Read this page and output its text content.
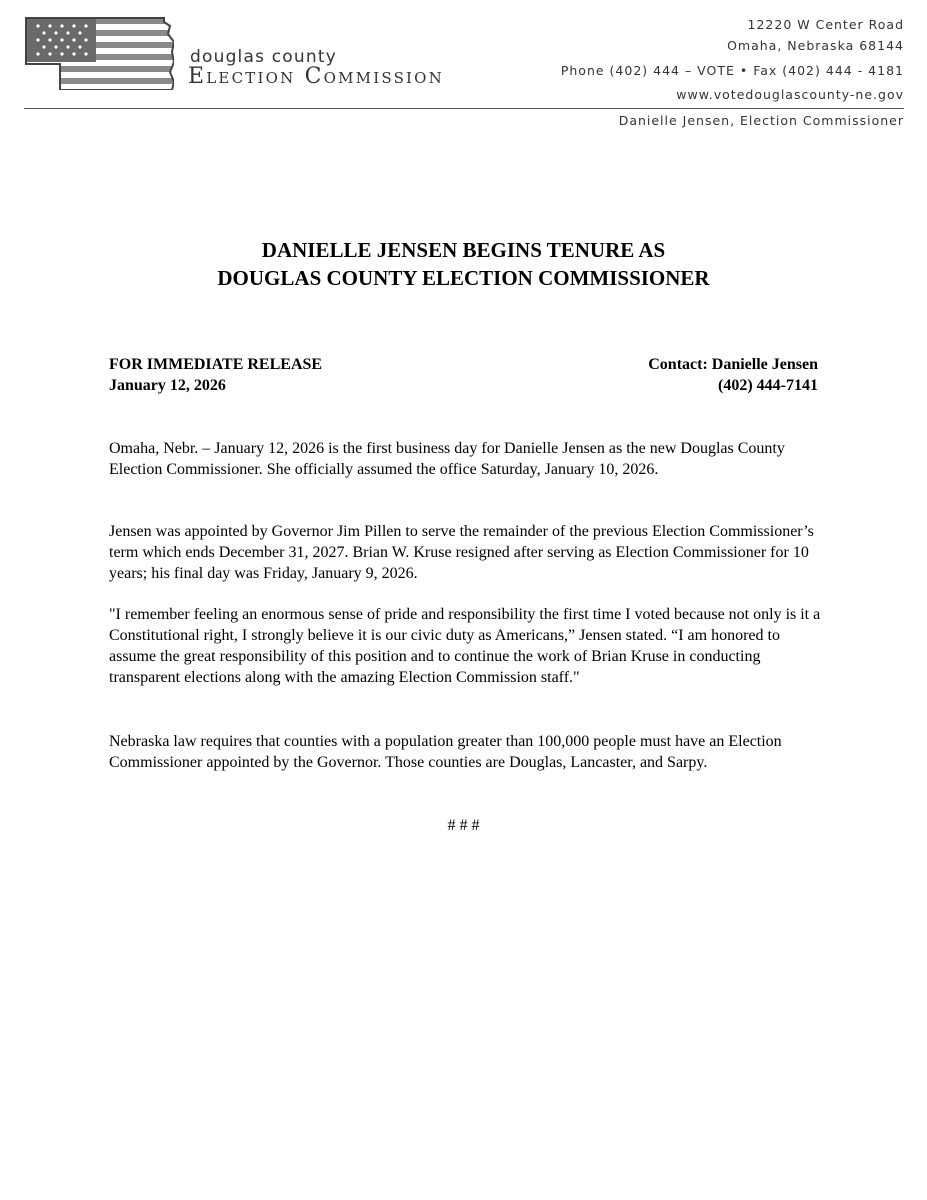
douglas county
Election Commission
12220 W Center Road
Omaha, Nebraska 68144
Phone (402) 444 – VOTE • Fax (402) 444 - 4181
www.votedouglascounty-ne.gov
Danielle Jensen, Election Commissioner
DANIELLE JENSEN BEGINS TENURE AS
DOUGLAS COUNTY ELECTION COMMISSIONER
FOR IMMEDIATE RELEASE
January 12, 2026
Contact: Danielle Jensen
(402) 444-7141

Omaha, Nebr. – January 12, 2026 is the first business day for Danielle Jensen as the new Douglas County Election Commissioner. She officially assumed the office Saturday, January 10, 2026.

Jensen was appointed by Governor Jim Pillen to serve the remainder of the previous Election Commissioner’s term which ends December 31, 2027. Brian W. Kruse resigned after serving as Election Commissioner for 10 years; his final day was Friday, January 9, 2026.

"I remember feeling an enormous sense of pride and responsibility the first time I voted because not only is it a Constitutional right, I strongly believe it is our civic duty as Americans,” Jensen stated. “I am honored to assume the great responsibility of this position and to continue the work of Brian Kruse in conducting transparent elections along with the amazing Election Commission staff."

Nebraska law requires that counties with a population greater than 100,000 people must have an Election Commissioner appointed by the Governor. Those counties are Douglas, Lancaster, and Sarpy.

# # #
